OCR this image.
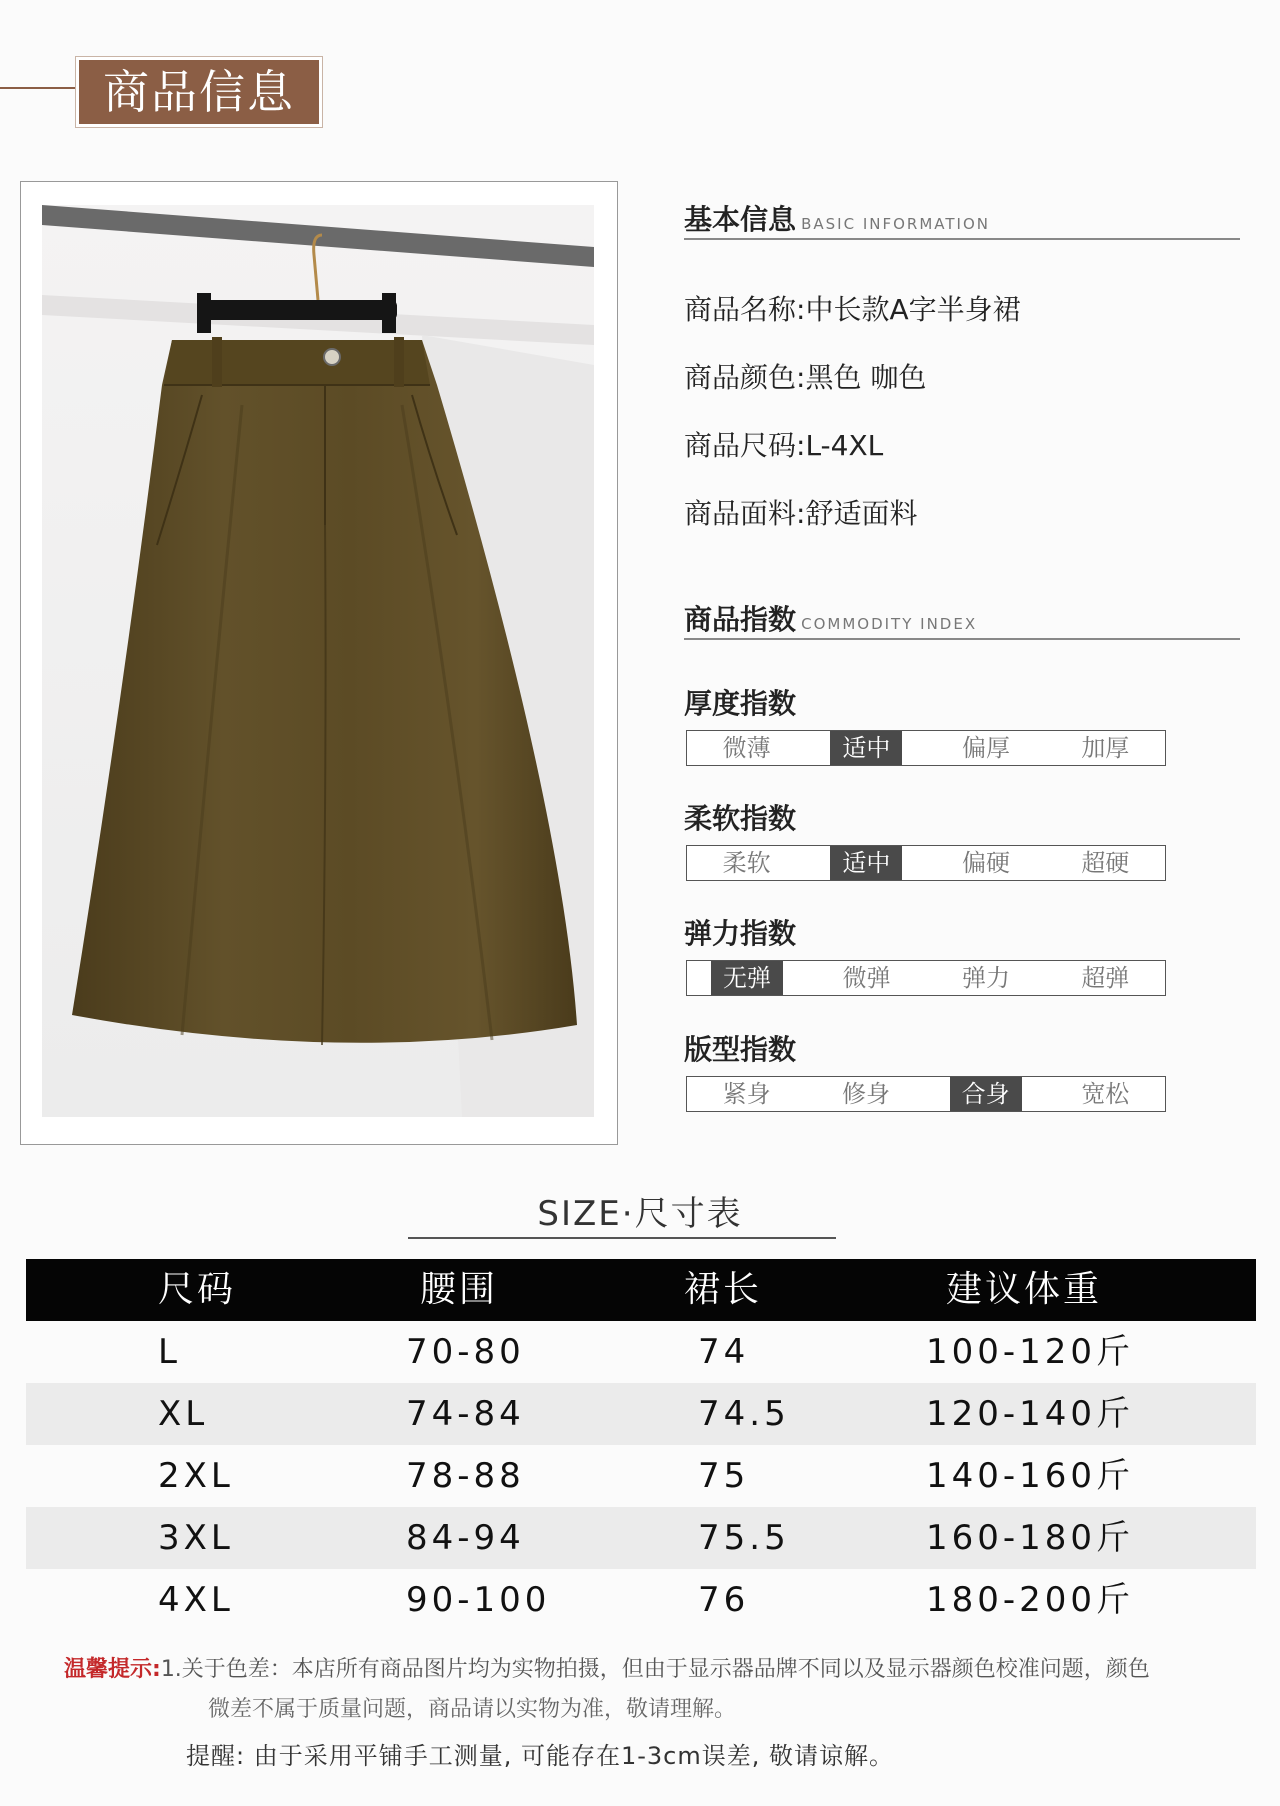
商品信息
基本信息 BASIC INFORMATION
商品名称:中长款A字半身裙
商品颜色:黑色 咖色
商品尺码:L-4XL
商品面料:舒适面料
商品指数 COMMODITY INDEX
厚度指数
微薄	适中	偏厚	加厚
柔软指数
柔软	适中	偏硬	超硬
弹力指数
无弹	微弹	弹力	超弹
版型指数
紧身	修身	合身	宽松
SIZE·尺寸表
尺码	腰围	裙长	建议体重
L	70-80	74	100-120斤
XL	74-84	74.5	120-140斤
2XL	78-88	75	140-160斤
3XL	84-94	75.5	160-180斤
4XL	90-100	76	180-200斤
温馨提示:1.关于色差：本店所有商品图片均为实物拍摄，但由于显示器品牌不同以及显示器颜色校准问题，颜色
微差不属于质量问题，商品请以实物为准，敬请理解。
提醒: 由于采用平铺手工测量, 可能存在1-3cm误差, 敬请谅解。
